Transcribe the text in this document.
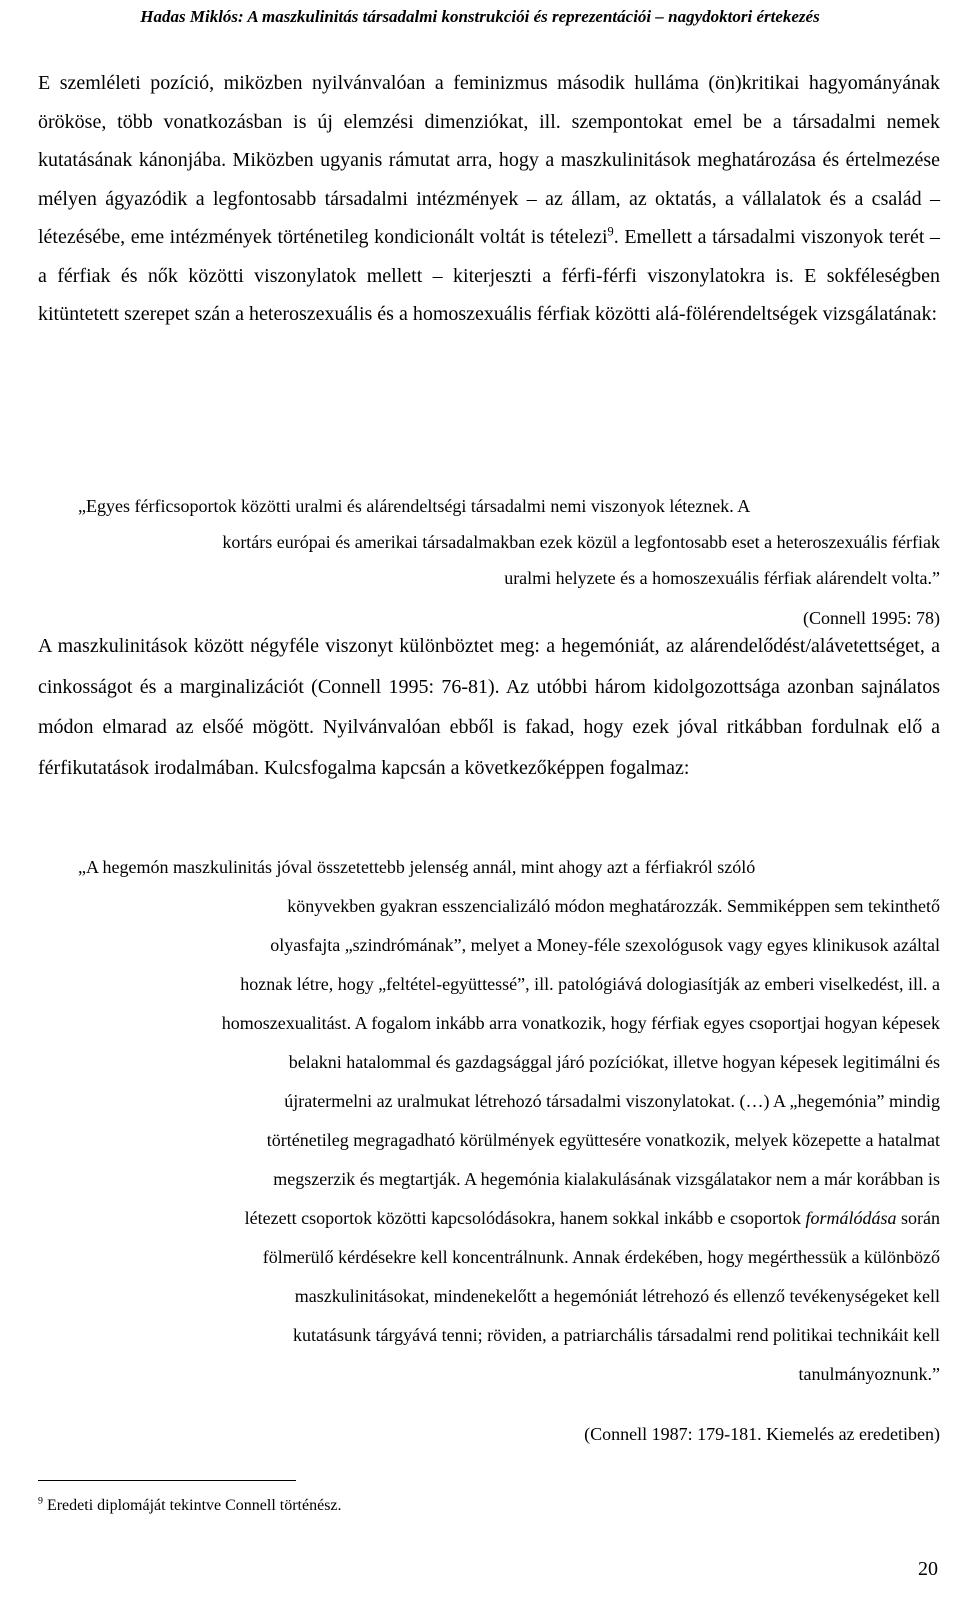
Hadas Miklós: A maszkulinitás társadalmi konstrukciói és reprezentációi – nagydoktori értekezés

E szemléleti pozíció, miközben nyilvánvalóan a feminizmus második hulláma (ön)kritikai hagyományának örököse, több vonatkozásban is új elemzési dimenziókat, ill. szempontokat emel be a társadalmi nemek kutatásának kánonjába. Miközben ugyanis rámutat arra, hogy a maszkulinitások meghatározása és értelmezése mélyen ágyazódik a legfontosabb társadalmi intézmények – az állam, az oktatás, a vállalatok és a család – létezésébe, eme intézmények történetileg kondicionált voltát is tételezi$^9$. Emellett a társadalmi viszonyok terét – a férfiak és nők közötti viszonylatok mellett – kiterjeszti a férfi-férfi viszonylatokra is. E sokféleségben kitüntetett szerepet szán a heteroszexuális és a homoszexuális férfiak közötti alá-fölérendeltségek vizsgálatának:

„Egyes férficsoportok közötti uralmi és alárendeltségi társadalmi nemi viszonyok léteznek. A
kortárs európai és amerikai társadalmakban ezek közül a legfontosabb eset a heteroszexuális férfiak
uralmi helyzete és a homoszexuális férfiak alárendelt volta.”
(Connell 1995: 78)

A maszkulinitások között négyféle viszonyt különböztet meg: a hegemóniát, az alárendelődést/alávetettséget, a cinkosságot és a marginalizációt (Connell 1995: 76-81). Az utóbbi három kidolgozottsága azonban sajnálatos módon elmarad az elsőé mögött. Nyilvánvalóan ebből is fakad, hogy ezek jóval ritkábban fordulnak elő a férfikutatások irodalmában. Kulcsfogalma kapcsán a következőképpen fogalmaz:

„A hegemón maszkulinitás jóval összetettebb jelenség annál, mint ahogy azt a férfiakról szóló
könyvekben gyakran esszencializáló módon meghatározzák. Semmiképpen sem tekinthető
olyasfajta „szindrómának”, melyet a Money-féle szexológusok vagy egyes klinikusok azáltal
hoznak létre, hogy „feltétel-együttessé”, ill. patológiává dologiasítják az emberi viselkedést, ill. a
homoszexualitást. A fogalom inkább arra vonatkozik, hogy férfiak egyes csoportjai hogyan képesek
belakni hatalommal és gazdagsággal járó pozíciókat, illetve hogyan képesek legitimálni és
újratermelni az uralmukat létrehozó társadalmi viszonylatokat. (…) A „hegemónia” mindig
történetileg megragadható körülmények együttesére vonatkozik, melyek közepette a hatalmat
megszerzik és megtartják. A hegemónia kialakulásának vizsgálatakor nem a már korábban is
létezett csoportok közötti kapcsolódásokra, hanem sokkal inkább e csoportok formálódása során
fölmerülő kérdésekre kell koncentrálnunk. Annak érdekében, hogy megérthessük a különböző
maszkulinitásokat, mindenekelőtt a hegemóniát létrehozó és ellenző tevékenységeket kell
kutatásunk tárgyává tenni; röviden, a patriarchális társadalmi rend politikai technikáit kell
tanulmányoznunk.”
(Connell 1987: 179-181. Kiemelés az eredetiben)
$^9$ Eredeti diplomáját tekintve Connell történész.
20
